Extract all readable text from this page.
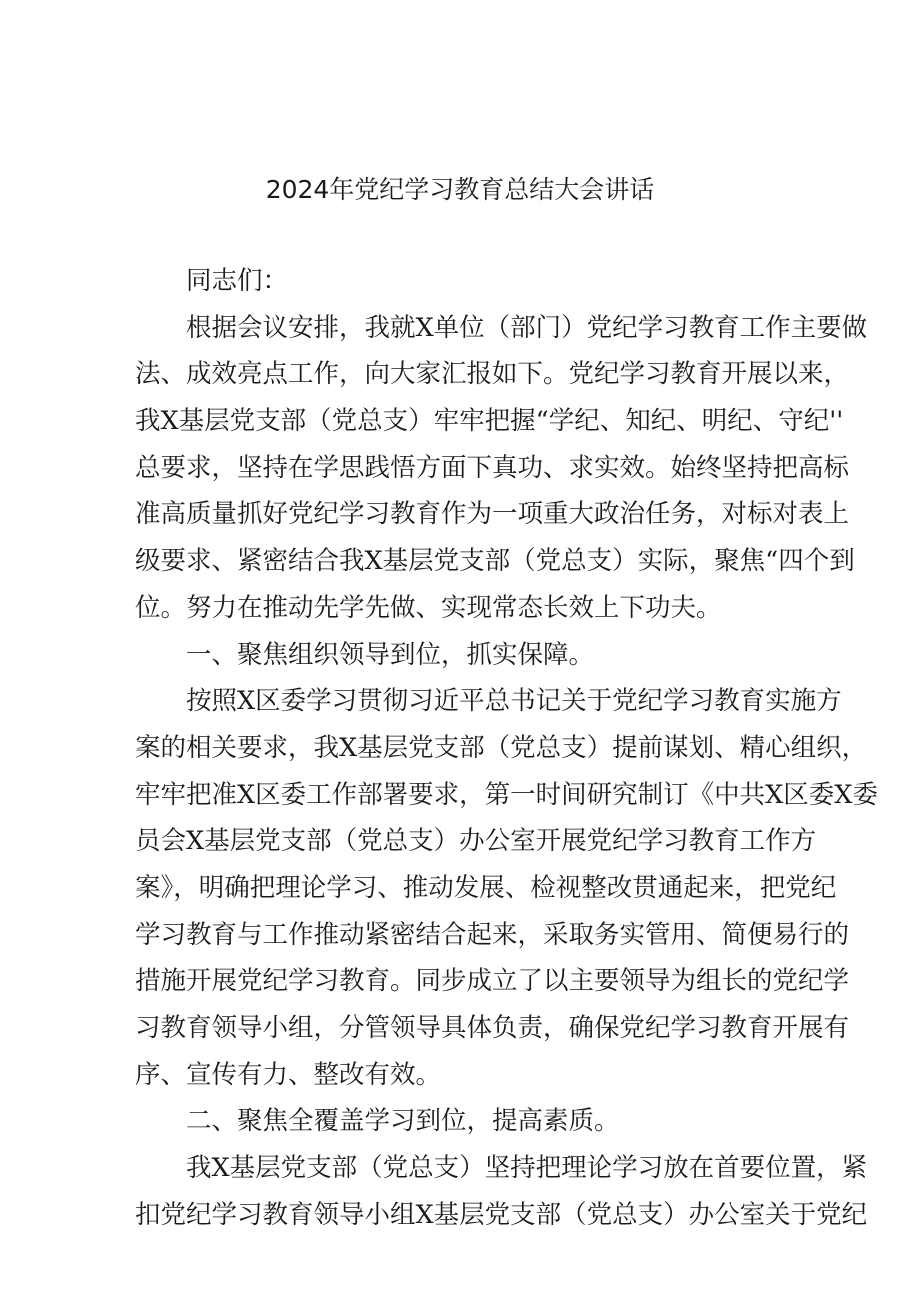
2024年党纪学习教育总结大会讲话
同志们：
根据会议安排，我就X单位（部门）党纪学习教育工作主要做
法、成效亮点工作，向大家汇报如下。党纪学习教育开展以来，
我X基层党支部（党总支）牢牢把握“学纪、知纪、明纪、守纪''
总要求，坚持在学思践悟方面下真功、求实效。始终坚持把高标
准高质量抓好党纪学习教育作为一项重大政治任务，对标对表上
级要求、紧密结合我X基层党支部（党总支）实际，聚焦“四个到
位。努力在推动先学先做、实现常态长效上下功夫。
一、聚焦组织领导到位，抓实保障。
按照X区委学习贯彻习近平总书记关于党纪学习教育实施方
案的相关要求，我X基层党支部（党总支）提前谋划、精心组织，
牢牢把准X区委工作部署要求，第一时间研究制订《中共X区委X委
员会X基层党支部（党总支）办公室开展党纪学习教育工作方
案》，明确把理论学习、推动发展、检视整改贯通起来，把党纪
学习教育与工作推动紧密结合起来，采取务实管用、简便易行的
措施开展党纪学习教育。同步成立了以主要领导为组长的党纪学
习教育领导小组，分管领导具体负责，确保党纪学习教育开展有
序、宣传有力、整改有效。
二、聚焦全覆盖学习到位，提高素质。
我X基层党支部（党总支）坚持把理论学习放在首要位置，紧
扣党纪学习教育领导小组X基层党支部（党总支）办公室关于党纪
